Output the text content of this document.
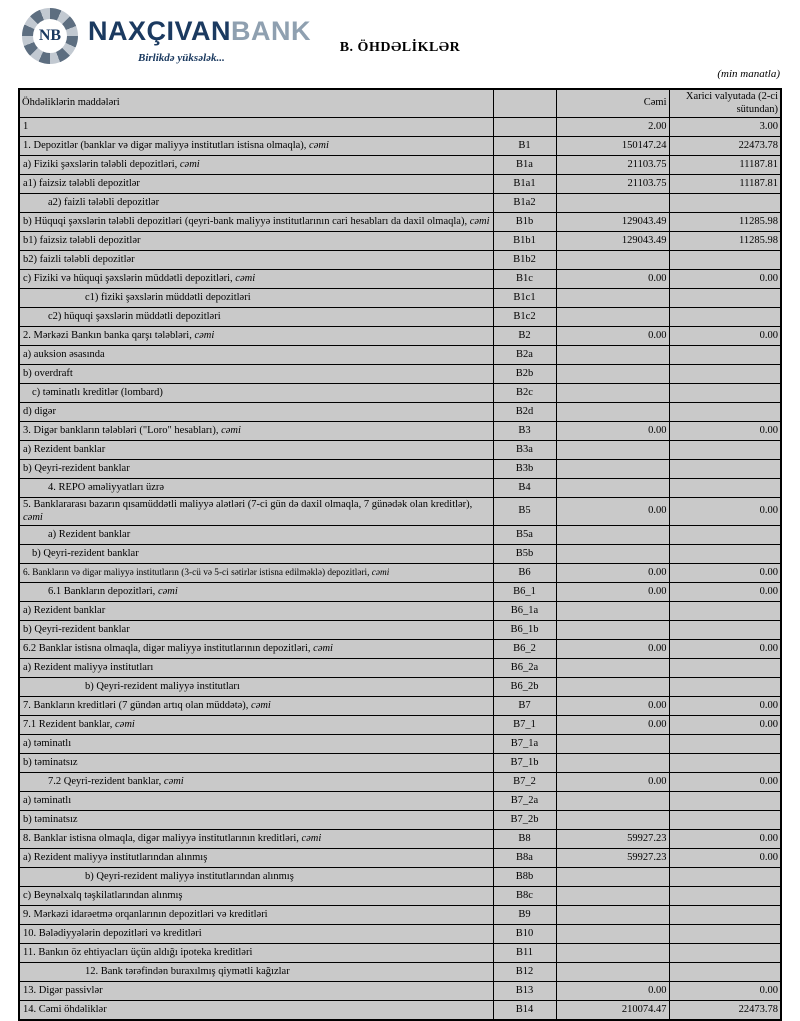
NB NAXÇIVANBANK
Birlikdə yüksələk...
B. ÖHDƏLİKLƏR
(min manatla)
Öhdəliklərin maddələri		Cəmi	Xarici valyutada (2-ci sütundan)
1		2.00	3.00
1. Depozitlər (banklar və digər maliyyə institutları istisna olmaqla), cəmi	B1	150147.24	22473.78
a) Fiziki şəxslərin tələbli depozitləri, cəmi	B1a	21103.75	11187.81
a1) faizsiz tələbli depozitlər	B1a1	21103.75	11187.81
a2) faizli tələbli depozitlər	B1a2		
b) Hüquqi şəxslərin tələbli depozitləri (qeyri-bank maliyyə institutlarının cari hesabları da daxil olmaqla), cəmi	B1b	129043.49	11285.98
b1) faizsiz tələbli depozitlər	B1b1	129043.49	11285.98
b2) faizli tələbli depozitlər	B1b2		
c) Fiziki və hüquqi şəxslərin müddətli depozitləri, cəmi	B1c	0.00	0.00
c1) fiziki şəxslərin müddətli depozitləri	B1c1		
c2) hüquqi şəxslərin müddətli depozitləri	B1c2		
2. Mərkəzi Bankın banka qarşı tələbləri, cəmi	B2	0.00	0.00
a) auksion əsasında	B2a		
b) overdraft	B2b		
c) təminatlı kreditlər (lombard)	B2c		
d) digər	B2d		
3. Digər bankların tələbləri ("Loro" hesabları), cəmi	B3	0.00	0.00
a) Rezident banklar	B3a		
b) Qeyri-rezident banklar	B3b		
4. REPO əməliyyatları üzrə	B4		
5. Banklararası bazarın qısamüddətli maliyyə alətləri (7-ci gün də daxil olmaqla, 7 günədək olan kreditlər), cəmi	B5	0.00	0.00
a) Rezident banklar	B5a		
b) Qeyri-rezident banklar	B5b		
6. Bankların və digər maliyyə institutların (3-cü və 5-ci sətirlər istisna edilməklə) depozitləri, cəmi	B6	0.00	0.00
6.1 Bankların depozitləri, cəmi	B6_1	0.00	0.00
a) Rezident banklar	B6_1a		
b) Qeyri-rezident banklar	B6_1b		
6.2 Banklar istisna olmaqla, digər maliyyə institutlarının depozitləri, cəmi	B6_2	0.00	0.00
a) Rezident maliyyə institutları	B6_2a		
b) Qeyri-rezident maliyyə institutları	B6_2b		
7. Bankların kreditləri (7 gündən artıq olan müddətə), cəmi	B7	0.00	0.00
7.1 Rezident banklar, cəmi	B7_1	0.00	0.00
a) təminatlı	B7_1a		
b) təminatsız	B7_1b		
7.2 Qeyri-rezident banklar, cəmi	B7_2	0.00	0.00
a) təminatlı	B7_2a		
b) təminatsız	B7_2b		
8. Banklar istisna olmaqla, digər maliyyə institutlarının kreditləri, cəmi	B8	59927.23	0.00
a) Rezident maliyyə institutlarından alınmış	B8a	59927.23	0.00
b) Qeyri-rezident maliyyə institutlarından alınmış	B8b		
c) Beynəlxalq təşkilatlarından alınmış	B8c		
9. Mərkəzi idarəetmə orqanlarının depozitləri və kreditləri	B9		
10. Bələdiyyələrin depozitləri və kreditləri	B10		
11. Bankın öz ehtiyacları üçün aldığı ipoteka kreditləri	B11		
12. Bank tərəfindən buraxılmış qiymətli kağızlar	B12		
13. Digər passivlər	B13	0.00	0.00
14. Cəmi öhdəliklər	B14	210074.47	22473.78
